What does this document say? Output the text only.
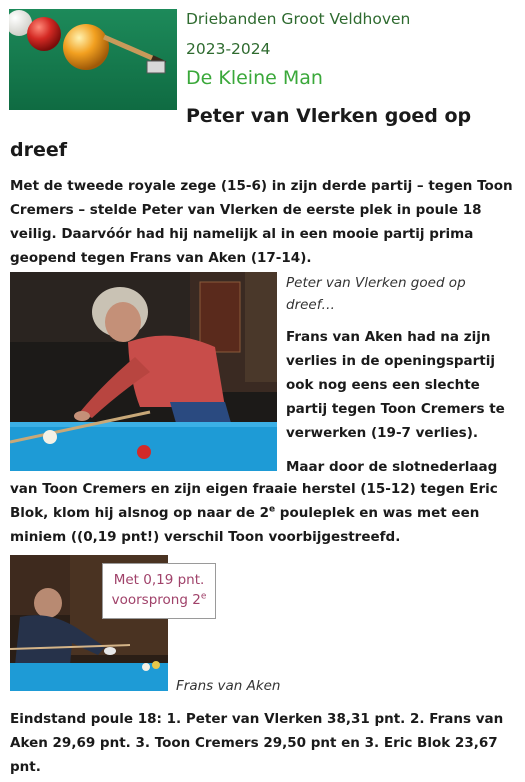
Driebanden Groot Veldhoven
2023-2024
De Kleine Man
Peter van Vlerken goed op
dreef

Met de tweede royale zege (15-6) in zijn derde partij – tegen Toon Cremers – stelde Peter van Vlerken de eerste plek in poule 18 veilig. Daarvóór had hij namelijk al in een mooie partij prima geopend tegen Frans van Aken (17-14).

Peter van Vlerken goed op dreef…

Frans van Aken had na zijn verlies in de openingspartij ook nog eens een slechte partij tegen Toon Cremers te verwerken (19-7 verlies).

Maar door de slotnederlaag

van Toon Cremers en zijn eigen fraaie herstel (15-12) tegen Eric Blok, klom hij alsnog op naar de 2e pouleplek en was met een miniem ((0,19 pnt!) verschil Toon voorbijgestreefd.

Met 0,19 pnt.
voorsprong 2e
Frans van Aken

Eindstand poule 18: 1. Peter van Vlerken 38,31 pnt. 2. Frans van Aken 29,69 pnt. 3. Toon Cremers 29,50 pnt en 3. Eric Blok 23,67 pnt.
